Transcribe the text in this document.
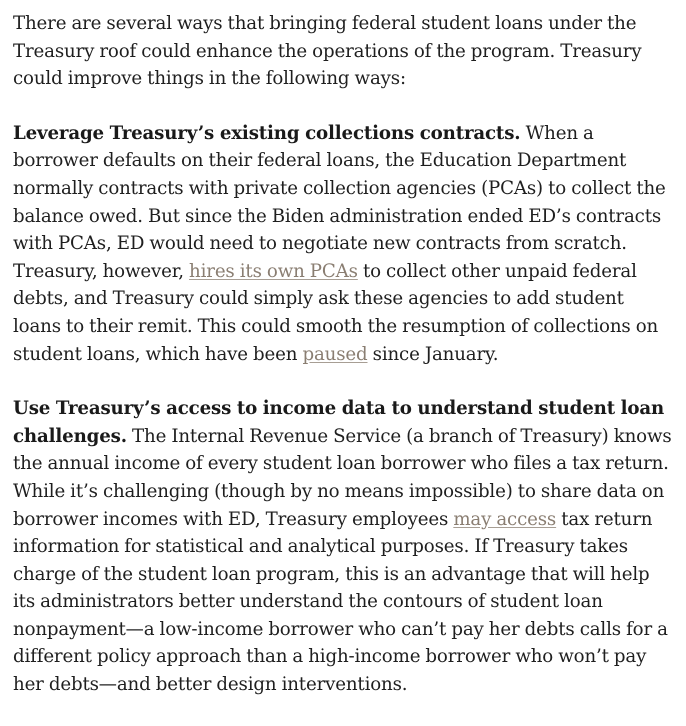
There are several ways that bringing federal student loans under the Treasury roof could enhance the operations of the program. Treasury could improve things in the following ways:

Leverage Treasury’s existing collections contracts. When a borrower defaults on their federal loans, the Education Department normally contracts with private collection agencies (PCAs) to collect the balance owed. But since the Biden administration ended ED’s contracts with PCAs, ED would need to negotiate new contracts from scratch. Treasury, however, hires its own PCAs to collect other unpaid federal debts, and Treasury could simply ask these agencies to add student loans to their remit. This could smooth the resumption of collections on student loans, which have been paused since January.

Use Treasury’s access to income data to understand student loan challenges. The Internal Revenue Service (a branch of Treasury) knows the annual income of every student loan borrower who files a tax return. While it’s challenging (though by no means impossible) to share data on borrower incomes with ED, Treasury employees may access tax return information for statistical and analytical purposes. If Treasury takes charge of the student loan program, this is an advantage that will help its administrators better understand the contours of student loan nonpayment—a low-income borrower who can’t pay her debts calls for a different policy approach than a high-income borrower who won’t pay her debts—and better design interventions.
